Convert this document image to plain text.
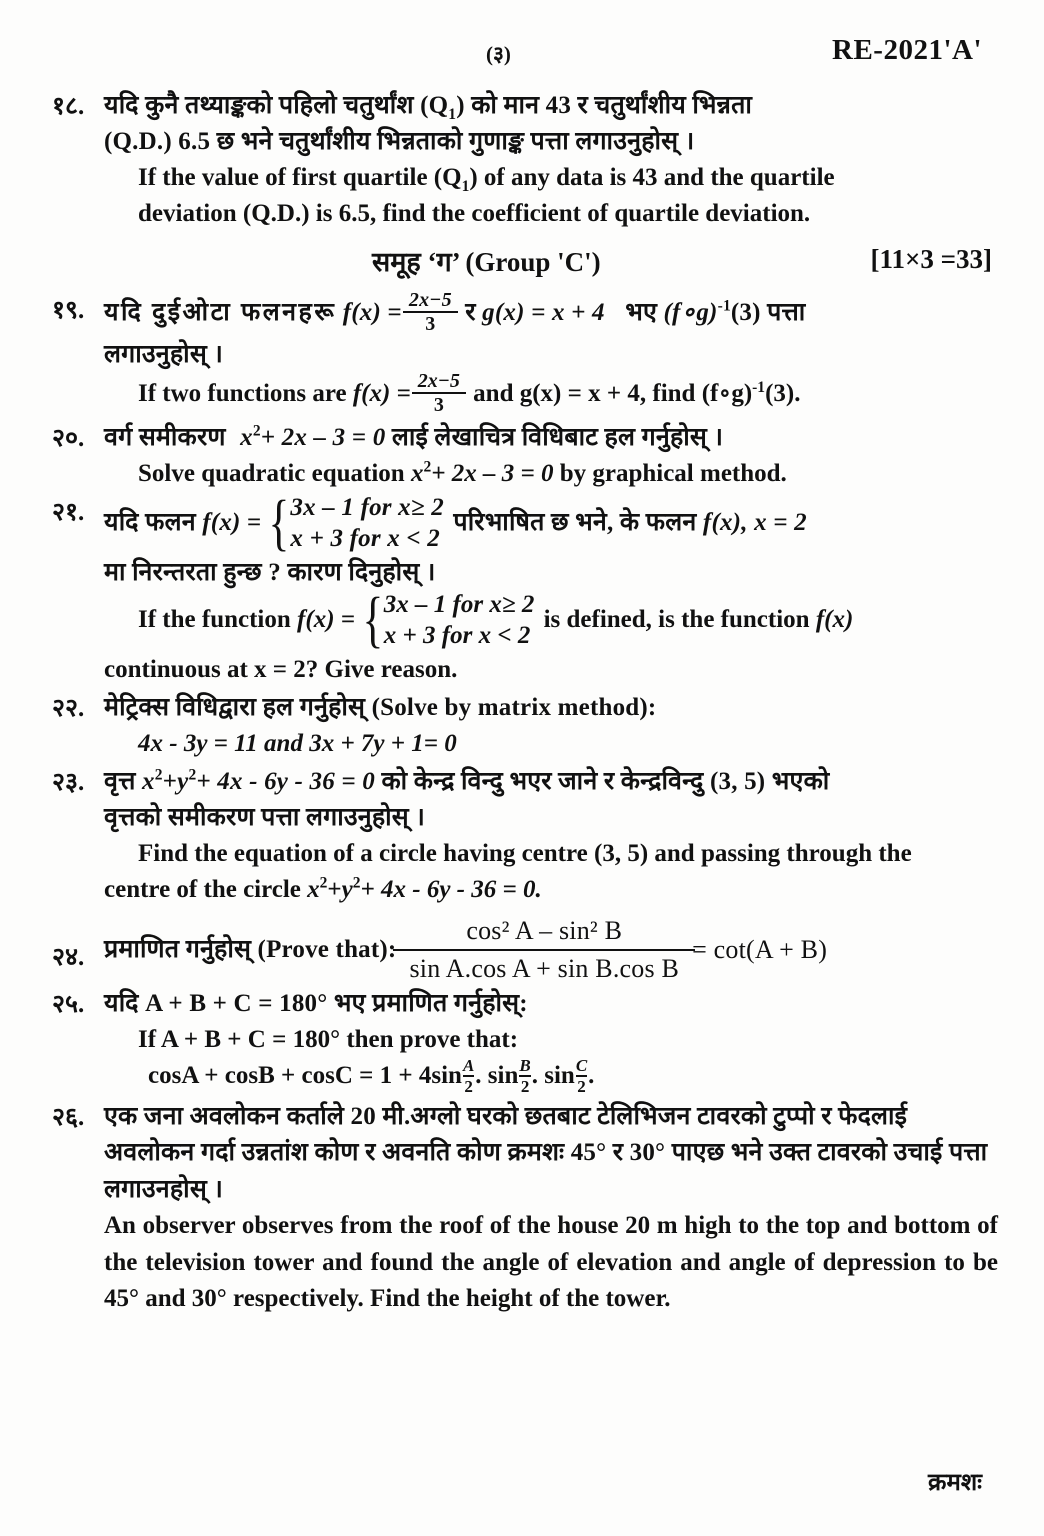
(३)	RE-2021'A'
१८. यदि कुनै तथ्याङ्कको पहिलो चतुर्थांश $(Q_1)$ को मान 43 र चतुर्थांशीय भिन्नता
(Q.D.) 6.5 छ भने चतुर्थांशीय भिन्नताको गुणाङ्क पत्ता लगाउनुहोस् ।
If the value of first quartile $(Q_1)$ of any data is 43 and the quartile
deviation (Q.D.) is 6.5, find the coefficient of quartile deviation.
समूह ‘ग’ (Group 'C')	[11×3 =33]
१९. यदि दुईओटा फलनहरू $f(x) = \frac{2x-5}{3}$ र g(x) = x + 4 भए (f∘g)$^{-1}$(3) पत्ता
लगाउनुहोस् ।
If two functions are $f(x) = \frac{2x-5}{3}$ and g(x) = x + 4, find (f∘g)$^{-1}$(3).
२०. वर्ग समीकरण $x^2+ 2x - 3 = 0$ लाई लेखाचित्र विधिबाट हल गर्नुहोस् ।
Solve quadratic equation $x^2+ 2x - 3 = 0$ by graphical method.
२१. यदि फलन f(x) = { 3x – 1 for x≥ 2
x + 3 for x < 2
परिभाषित छ भने, के फलन f(x), x = 2
मा निरन्तरता हुन्छ ? कारण दिनुहोस् ।
If the function f(x) = { 3x – 1 for x≥ 2
x + 3 for x < 2
is defined, is the function f(x)
continuous at x = 2? Give reason.
२२. मेट्रिक्स विधिद्वारा हल गर्नुहोस् (Solve by matrix method):
4x - 3y = 11 and 3x + 7y + 1= 0
२३. वृत्त $x^2+y^2+ 4x - 6y - 36 = 0$ को केन्द्र विन्दु भएर जाने र केन्द्रविन्दु (3, 5) भएको
वृत्तको समीकरण पत्ता लगाउनुहोस् ।
Find the equation of a circle having centre (3, 5) and passing through the
centre of the circle $x^2+y^2+ 4x - 6y - 36 = 0$.
२४. प्रमाणित गर्नुहोस् (Prove that): $\frac{\text{cos² A – sin² B}}{\text{sin A.cos A + sin B.cos B}} = \cot(A + B)$
२५. यदि A + B + C = 180° भए प्रमाणित गर्नुहोस्:
If A + B + C = 180° then prove that:
$\cos A + \cos B + \cos C = 1 + 4\sin \frac{A}{2}$ . $\sin \frac{B}{2}$ . $\sin \frac{C}{2}$ .
२६. एक जना अवलोकन कर्ताले 20 मी.अग्लो घरको छतबाट टेलिभिजन टावरको टुप्पो र फेदलाई अवलोकन गर्दा उन्नतांश कोण र अवनति कोण क्रमशः 45° र 30° पाएछ भने उक्त टावरको उचाई पत्ता लगाउनहोस् ।
An observer observes from the roof of the house 20 m high to the top and bottom of the television tower and found the angle of elevation and angle of depression to be 45° and 30° respectively. Find the height of the tower.
क्रमशः
